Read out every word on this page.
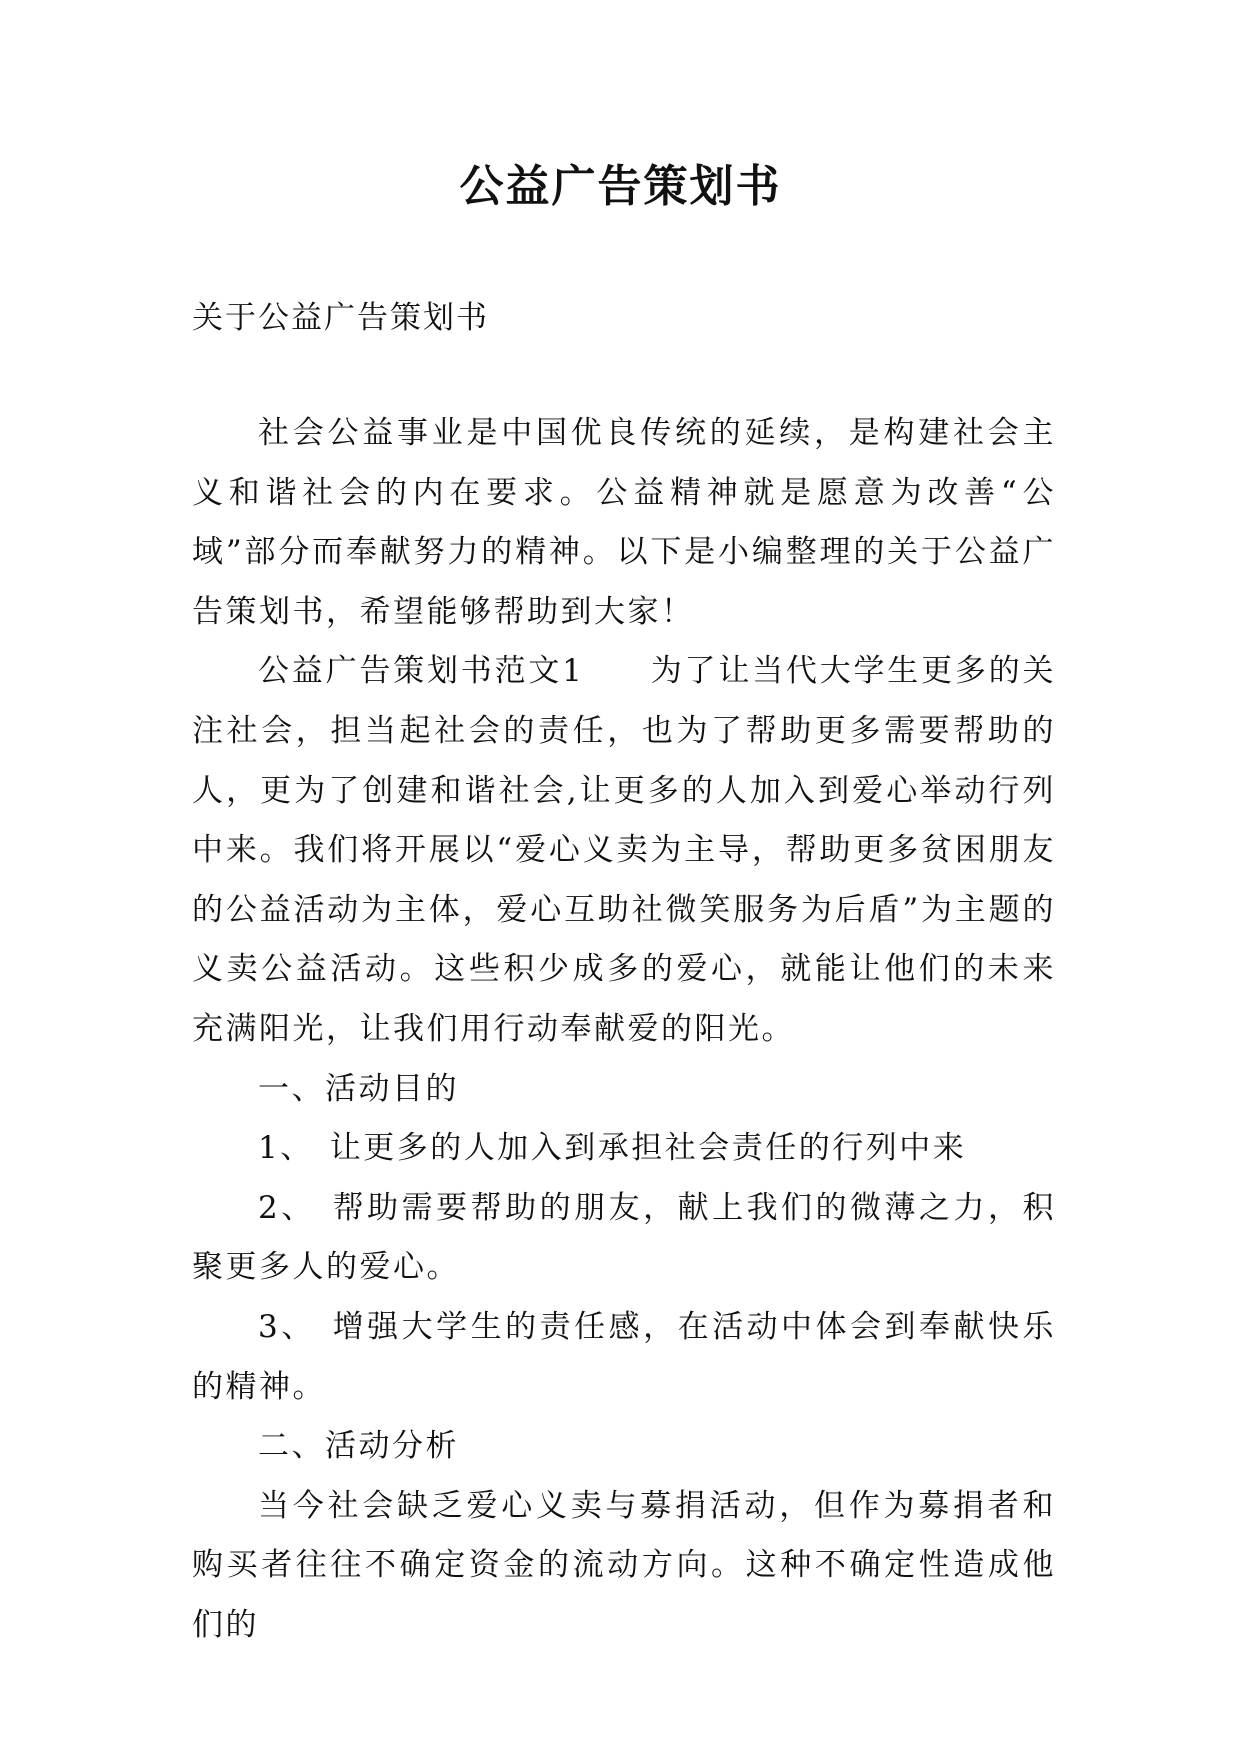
公益广告策划书
关于公益广告策划书

社会公益事业是中国优良传统的延续，是构建社会主义和谐社会的内在要求。公益精神就是愿意为改善“公域”部分而奉献努力的精神。以下是小编整理的关于公益广告策划书，希望能够帮助到大家！

公益广告策划书范文1 为了让当代大学生更多的关注社会，担当起社会的责任，也为了帮助更多需要帮助的人，更为了创建和谐社会,让更多的人加入到爱心举动行列中来。我们将开展以“爱心义卖为主导，帮助更多贫困朋友的公益活动为主体，爱心互助社微笑服务为后盾”为主题的义卖公益活动。这些积少成多的爱心，就能让他们的未来充满阳光，让我们用行动奉献爱的阳光。

一、活动目的

1、 让更多的人加入到承担社会责任的行列中来

2、 帮助需要帮助的朋友，献上我们的微薄之力，积聚更多人的爱心。

3、 增强大学生的责任感，在活动中体会到奉献快乐的精神。

二、活动分析

当今社会缺乏爱心义卖与募捐活动，但作为募捐者和购买者往往不确定资金的流动方向。这种不确定性造成他们的
